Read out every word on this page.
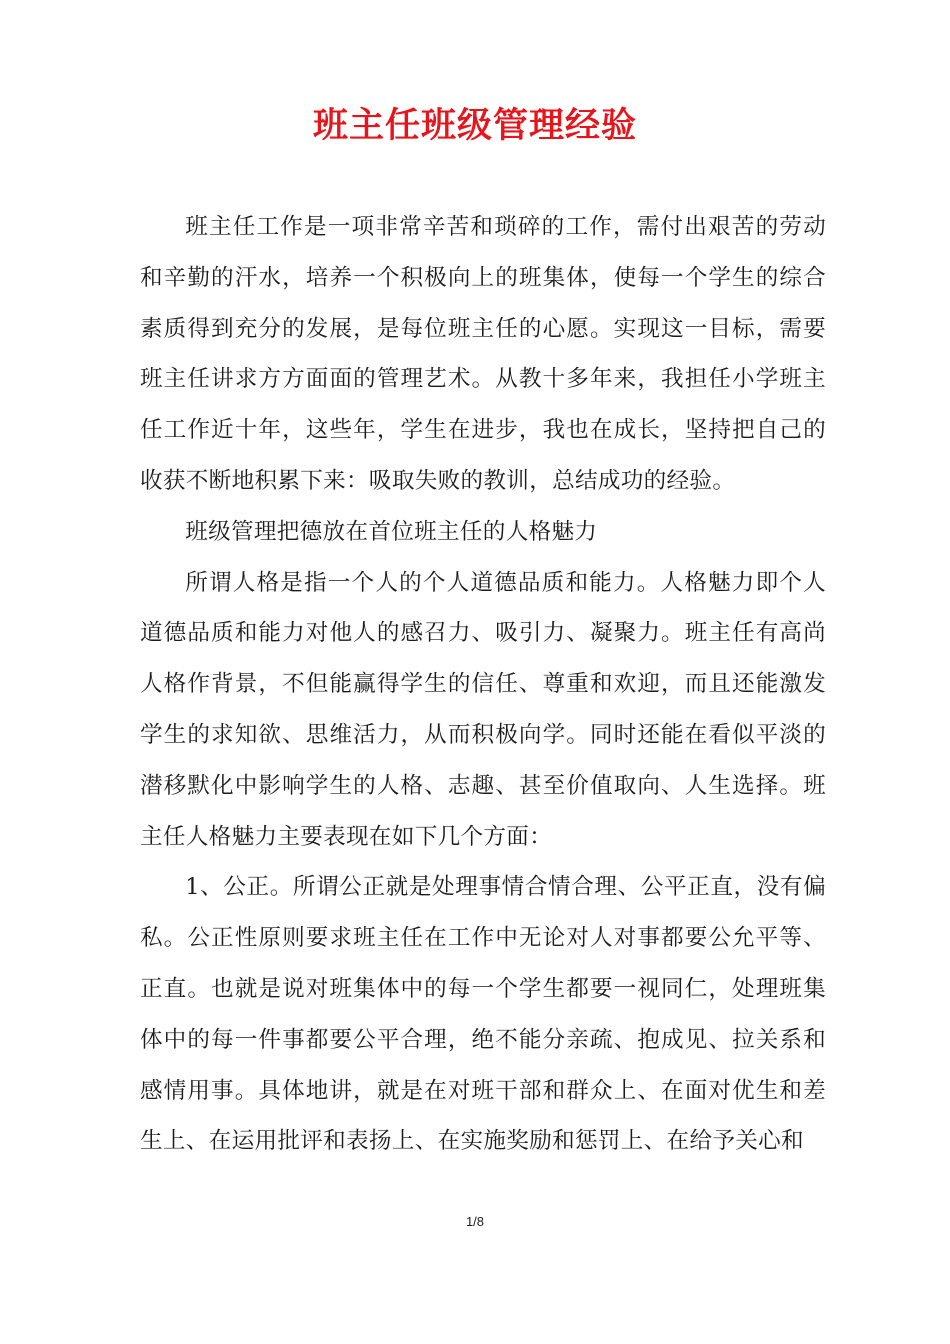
班主任班级管理经验

班主任工作是一项非常辛苦和琐碎的工作，需付出艰苦的劳动和辛勤的汗水，培养一个积极向上的班集体，使每一个学生的综合素质得到充分的发展，是每位班主任的心愿。实现这一目标，需要班主任讲求方方面面的管理艺术。从教十多年来，我担任小学班主任工作近十年，这些年，学生在进步，我也在成长，坚持把自己的收获不断地积累下来：吸取失败的教训，总结成功的经验。

班级管理把德放在首位班主任的人格魅力

所谓人格是指一个人的个人道德品质和能力。人格魅力即个人道德品质和能力对他人的感召力、吸引力、凝聚力。班主任有高尚人格作背景，不但能赢得学生的信任、尊重和欢迎，而且还能激发学生的求知欲、思维活力，从而积极向学。同时还能在看似平淡的潜移默化中影响学生的人格、志趣、甚至价值取向、人生选择。班主任人格魅力主要表现在如下几个方面：

1、公正。所谓公正就是处理事情合情合理、公平正直，没有偏私。公正性原则要求班主任在工作中无论对人对事都要公允平等、正直。也就是说对班集体中的每一个学生都要一视同仁，处理班集体中的每一件事都要公平合理，绝不能分亲疏、抱成见、拉关系和感情用事。具体地讲，就是在对班干部和群众上、在面对优生和差生上、在运用批评和表扬上、在实施奖励和惩罚上、在给予关心和

1/8
